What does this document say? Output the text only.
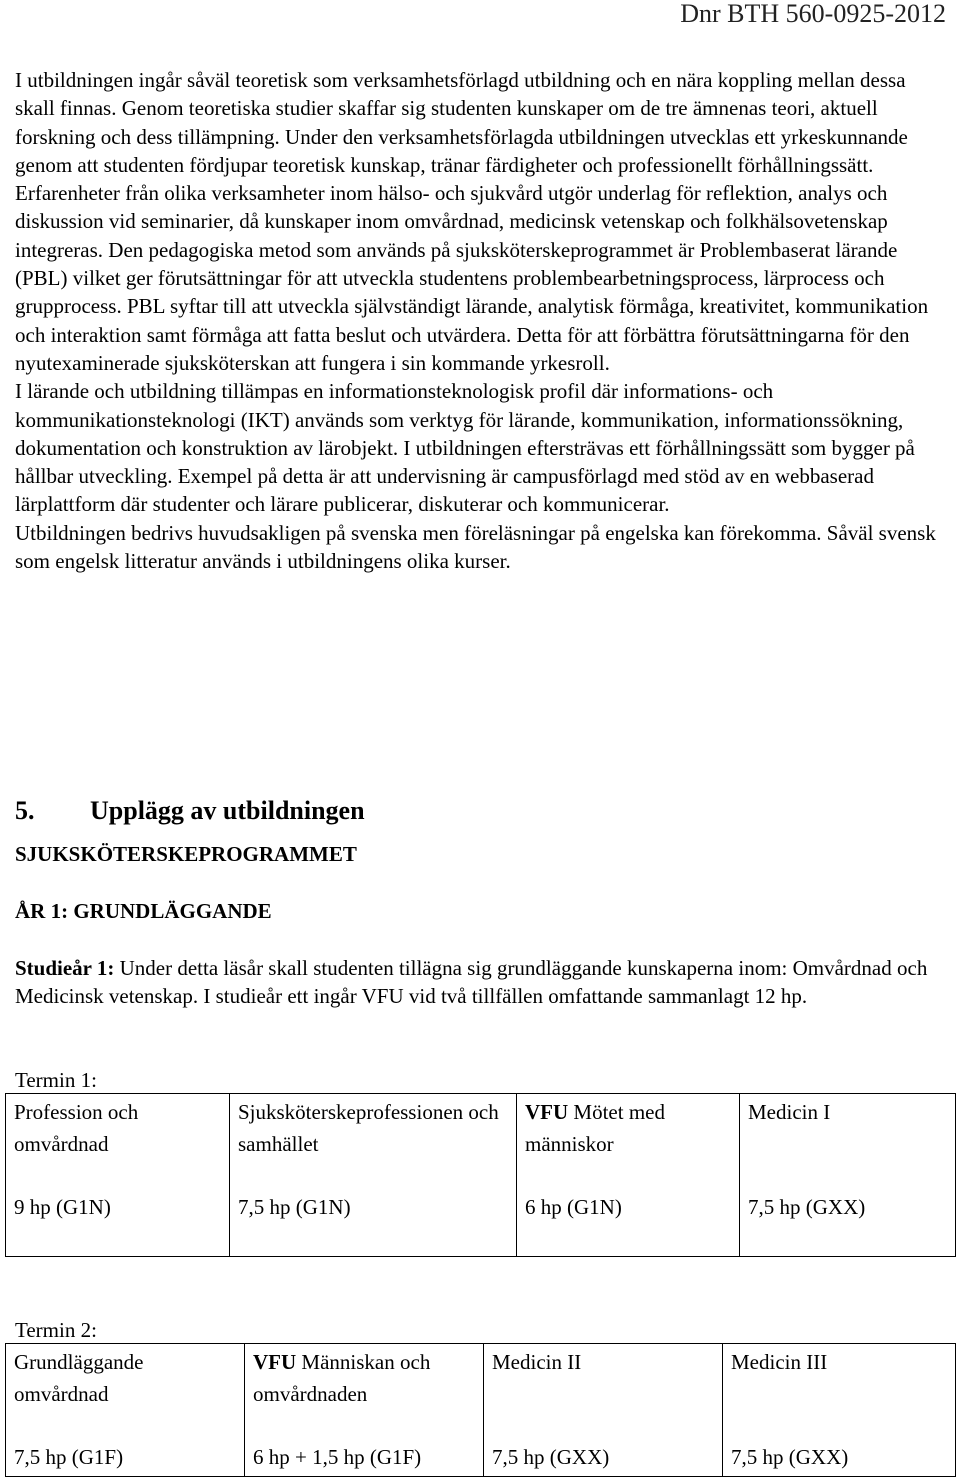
Dnr BTH 560-0925-2012

I utbildningen ingår såväl teoretisk som verksamhetsförlagd utbildning och en nära koppling mellan dessa skall finnas. Genom teoretiska studier skaffar sig studenten kunskaper om de tre ämnenas teori, aktuell forskning och dess tillämpning. Under den verksamhetsförlagda utbildningen utvecklas ett yrkeskunnande genom att studenten fördjupar teoretisk kunskap, tränar färdigheter och professionellt förhållningssätt. Erfarenheter från olika verksamheter inom hälso- och sjukvård utgör underlag för reflektion, analys och diskussion vid seminarier, då kunskaper inom omvårdnad, medicinsk vetenskap och folkhälsovetenskap integreras. Den pedagogiska metod som används på sjuksköterskeprogrammet är Problembaserat lärande (PBL) vilket ger förutsättningar för att utveckla studentens problembearbetningsprocess, lärprocess och grupprocess. PBL syftar till att utveckla självständigt lärande, analytisk förmåga, kreativitet, kommunikation och interaktion samt förmåga att fatta beslut och utvärdera. Detta för att förbättra förutsättningarna för den nyutexaminerade sjuksköterskan att fungera i sin kommande yrkesroll.

I lärande och utbildning tillämpas en informationsteknologisk profil där informations- och kommunikationsteknologi (IKT) används som verktyg för lärande, kommunikation, informationssökning, dokumentation och konstruktion av lärobjekt. I utbildningen eftersträvas ett förhållningssätt som bygger på hållbar utveckling. Exempel på detta är att undervisning är campusförlagd med stöd av en webbaserad lärplattform där studenter och lärare publicerar, diskuterar och kommunicerar.

Utbildningen bedrivs huvudsakligen på svenska men föreläsningar på engelska kan förekomma. Såväl svensk som engelsk litteratur används i utbildningens olika kurser.

5. Upplägg av utbildningen
SJUKSKÖTERSKEPROGRAMMET
ÅR 1: GRUNDLÄGGANDE
Studieår 1: Under detta läsår skall studenten tillägna sig grundläggande kunskaperna inom: Omvårdnad och Medicinsk vetenskap. I studieår ett ingår VFU vid två tillfällen omfattande sammanlagt 12 hp.
Termin 1:
Profession och omvårdnad
9 hp (G1N)

Sjuksköterskeprofessionen och samhället
7,5 hp (G1N)

VFU Mötet med människor
6 hp (G1N)

Medicin I
7,5 hp (GXX)
Termin 2:
Grundläggande omvårdnad
7,5 hp (G1F)

VFU Människan och omvårdnaden
6 hp + 1,5 hp (G1F)

Medicin II
7,5 hp (GXX)

Medicin III
7,5 hp (GXX)
